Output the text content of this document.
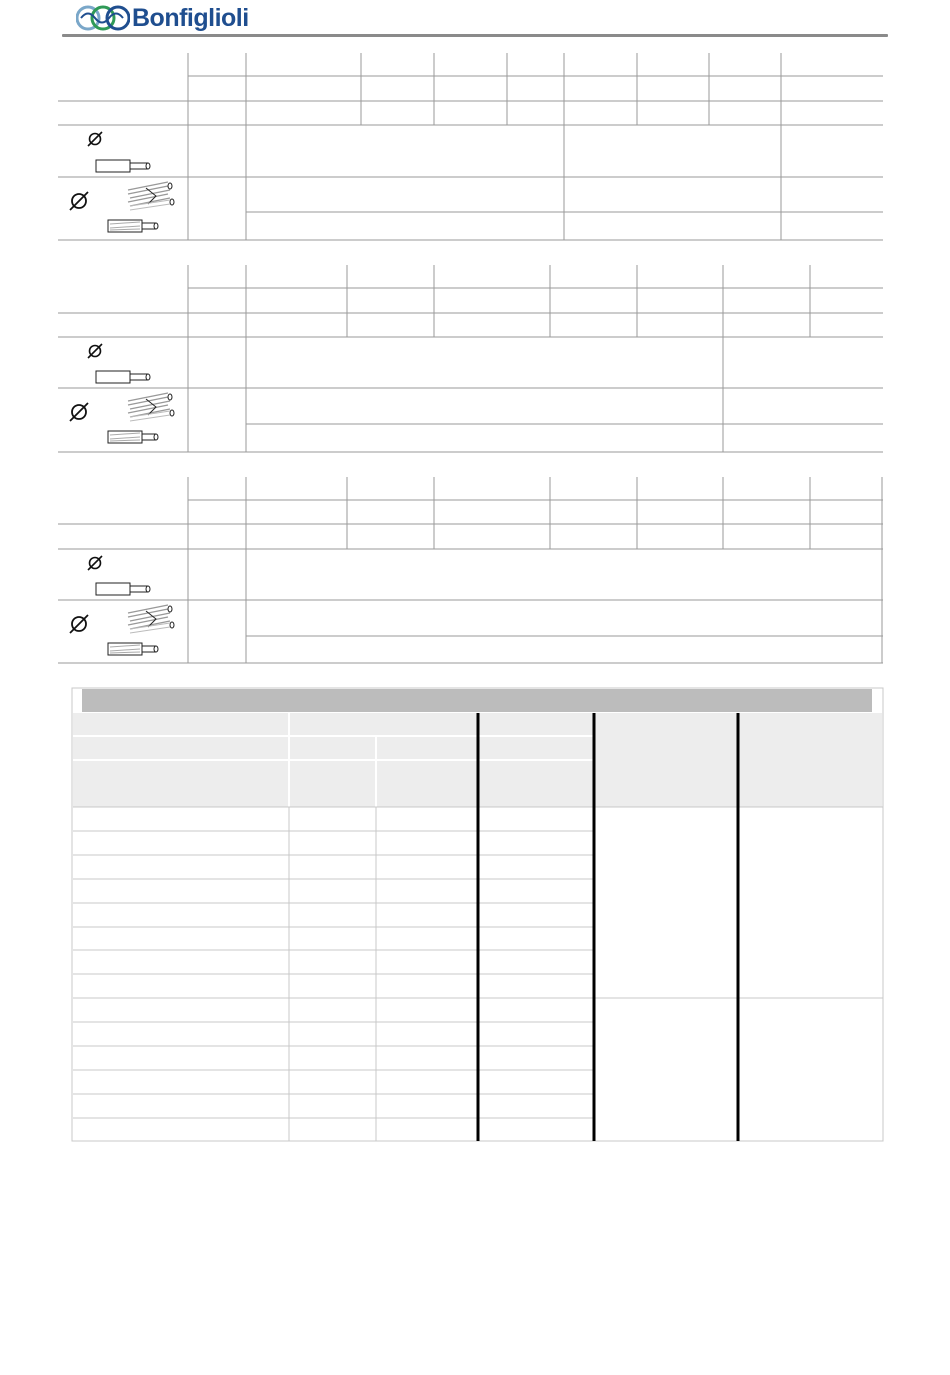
Bonfiglioli
